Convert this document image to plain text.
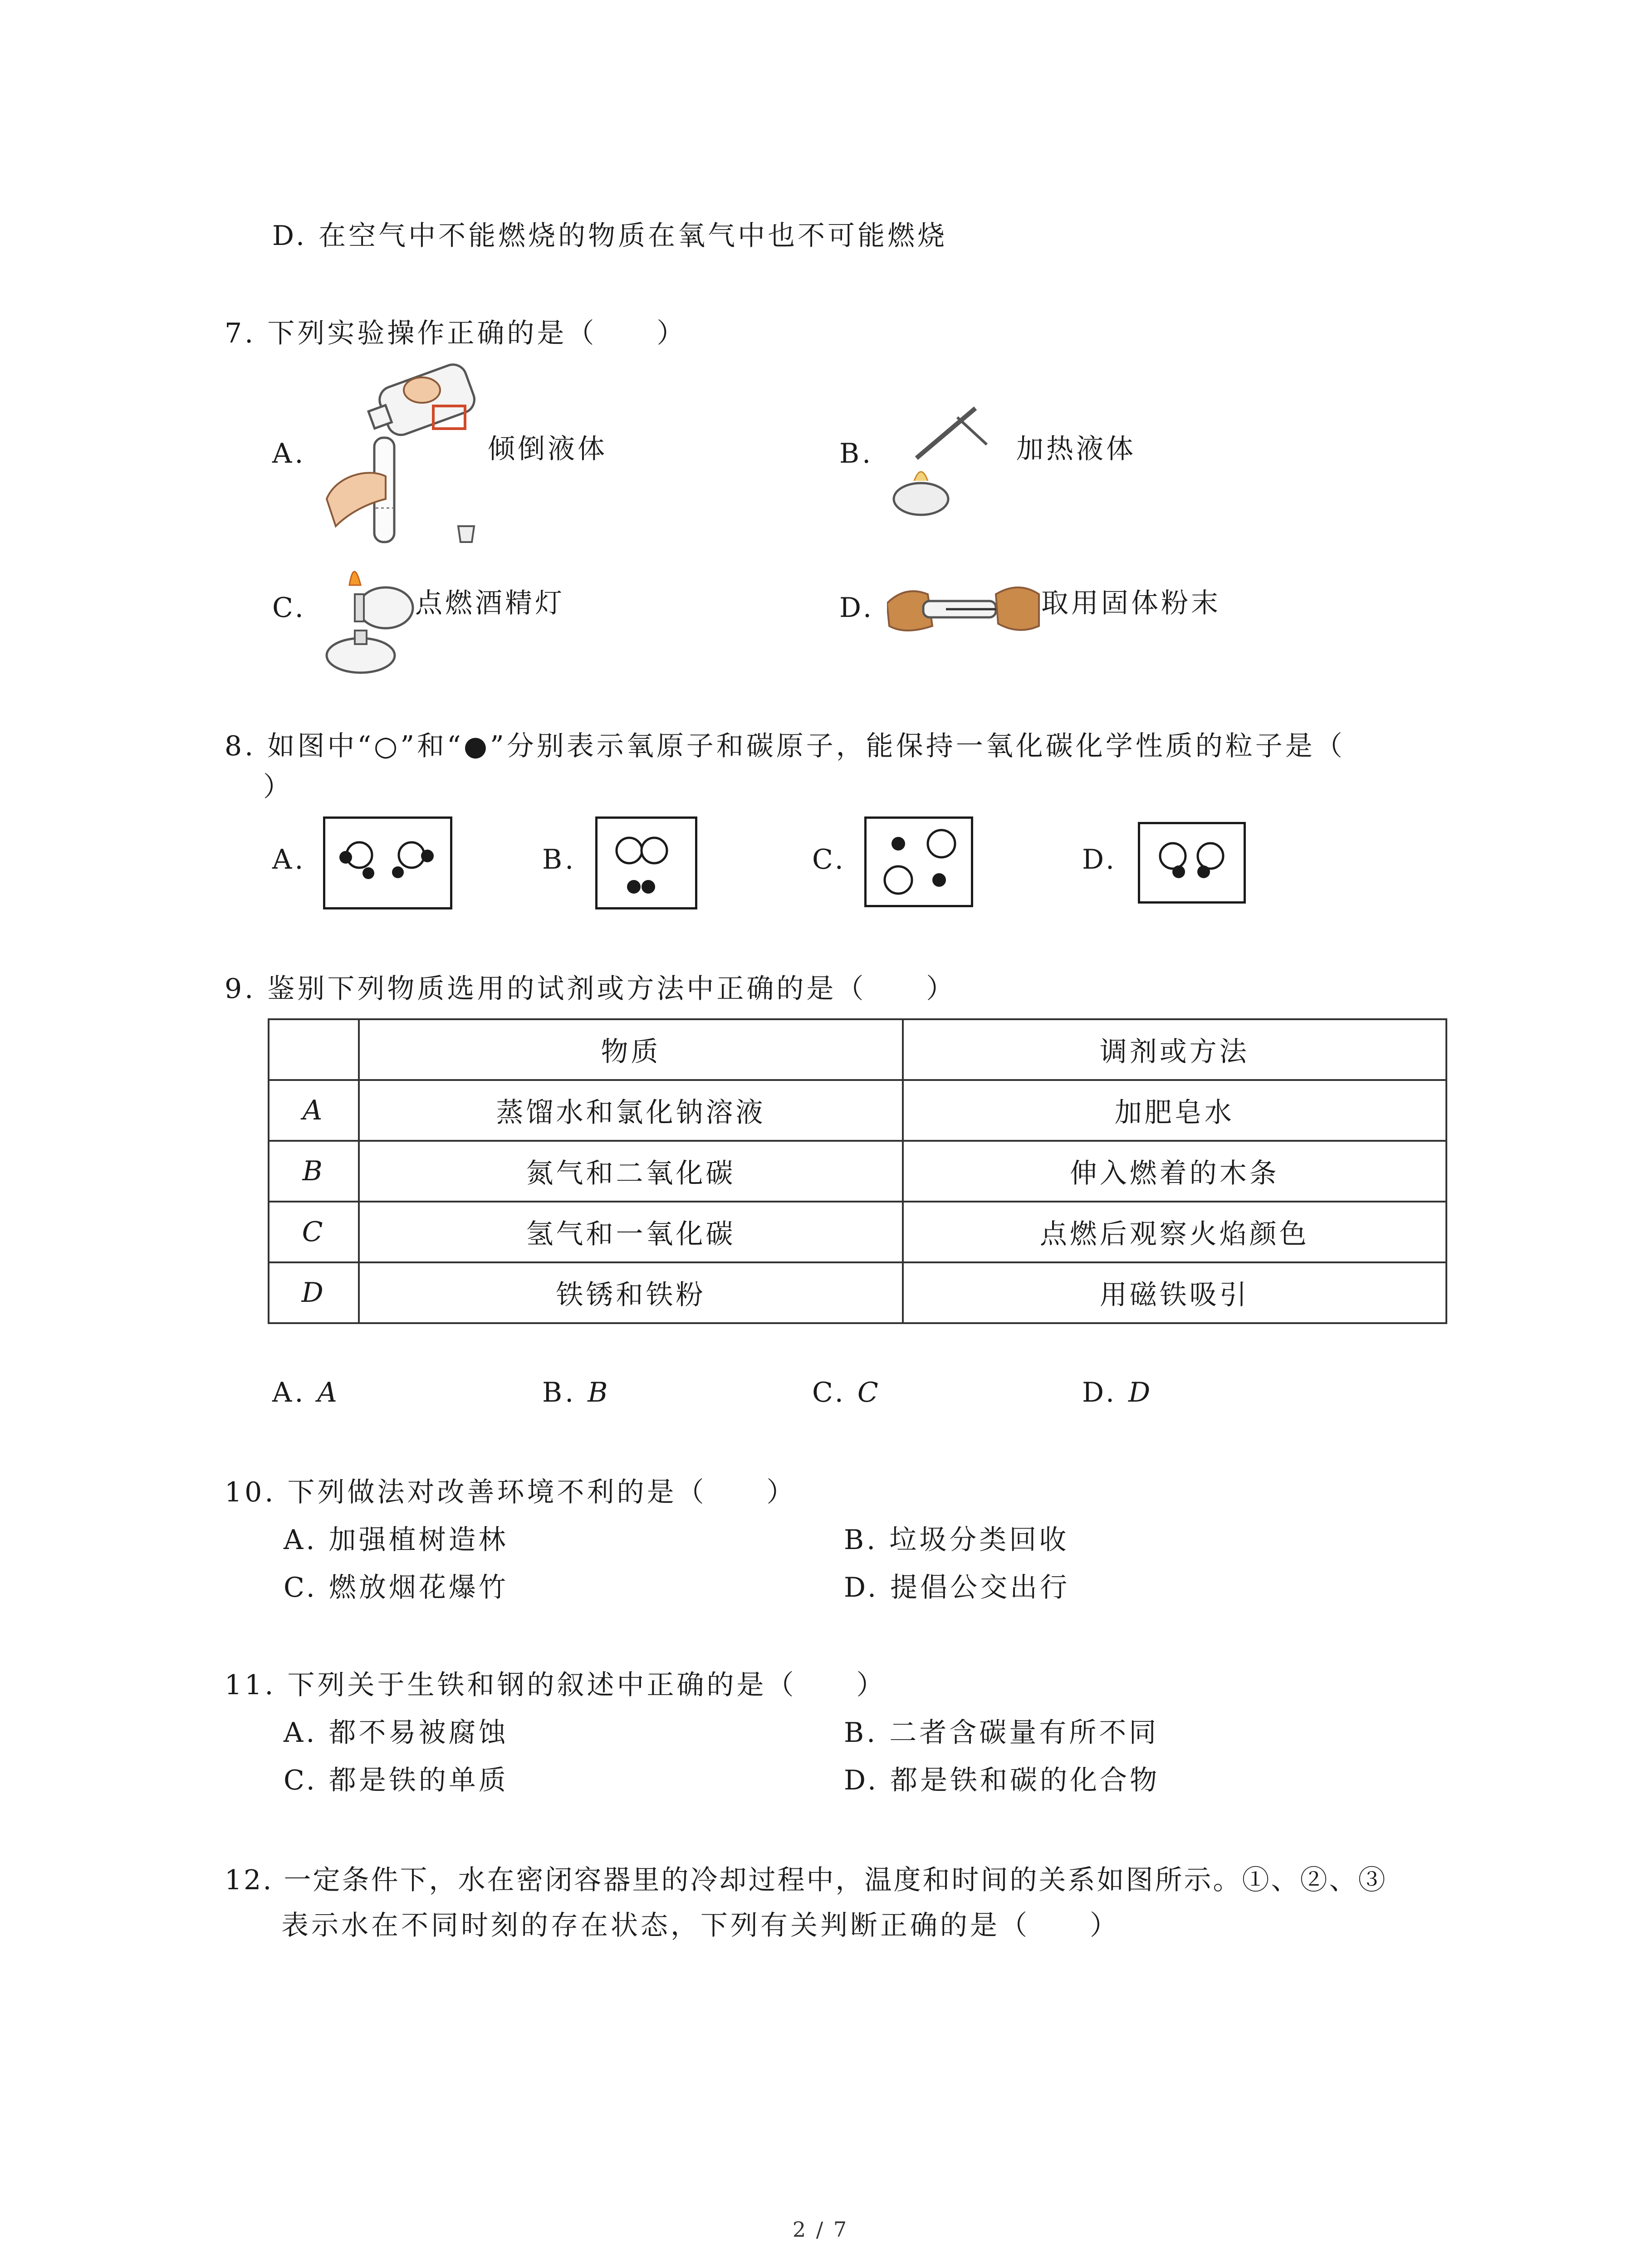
D. 在空气中不能燃烧的物质在氧气中也不可能燃烧
7. 下列实验操作正确的是（　　）
A.	倾倒液体	B.	加热液体
C.	点燃酒精灯	D.	取用固体粉末
8. 如图中“○”和“●”分别表示氧原子和碳原子，能保持一氧化碳化学性质的粒子是（
）
A.	B.	C.	D.
9. 鉴别下列物质选用的试剂或方法中正确的是（　　）
	物质	调剂或方法
A	蒸馏水和氯化钠溶液	加肥皂水
B	氮气和二氧化碳	伸入燃着的木条
C	氢气和一氧化碳	点燃后观察火焰颜色
D	铁锈和铁粉	用磁铁吸引
A. A	B. B	C. C	D. D
10. 下列做法对改善环境不利的是（　　）
A. 加强植树造林	B. 垃圾分类回收
C. 燃放烟花爆竹	D. 提倡公交出行
11. 下列关于生铁和钢的叙述中正确的是（　　）
A. 都不易被腐蚀	B. 二者含碳量有所不同
C. 都是铁的单质	D. 都是铁和碳的化合物
12. 一定条件下，水在密闭容器里的冷却过程中，温度和时间的关系如图所示。①、②、③
表示水在不同时刻的存在状态，下列有关判断正确的是（　　）
2 / 7
